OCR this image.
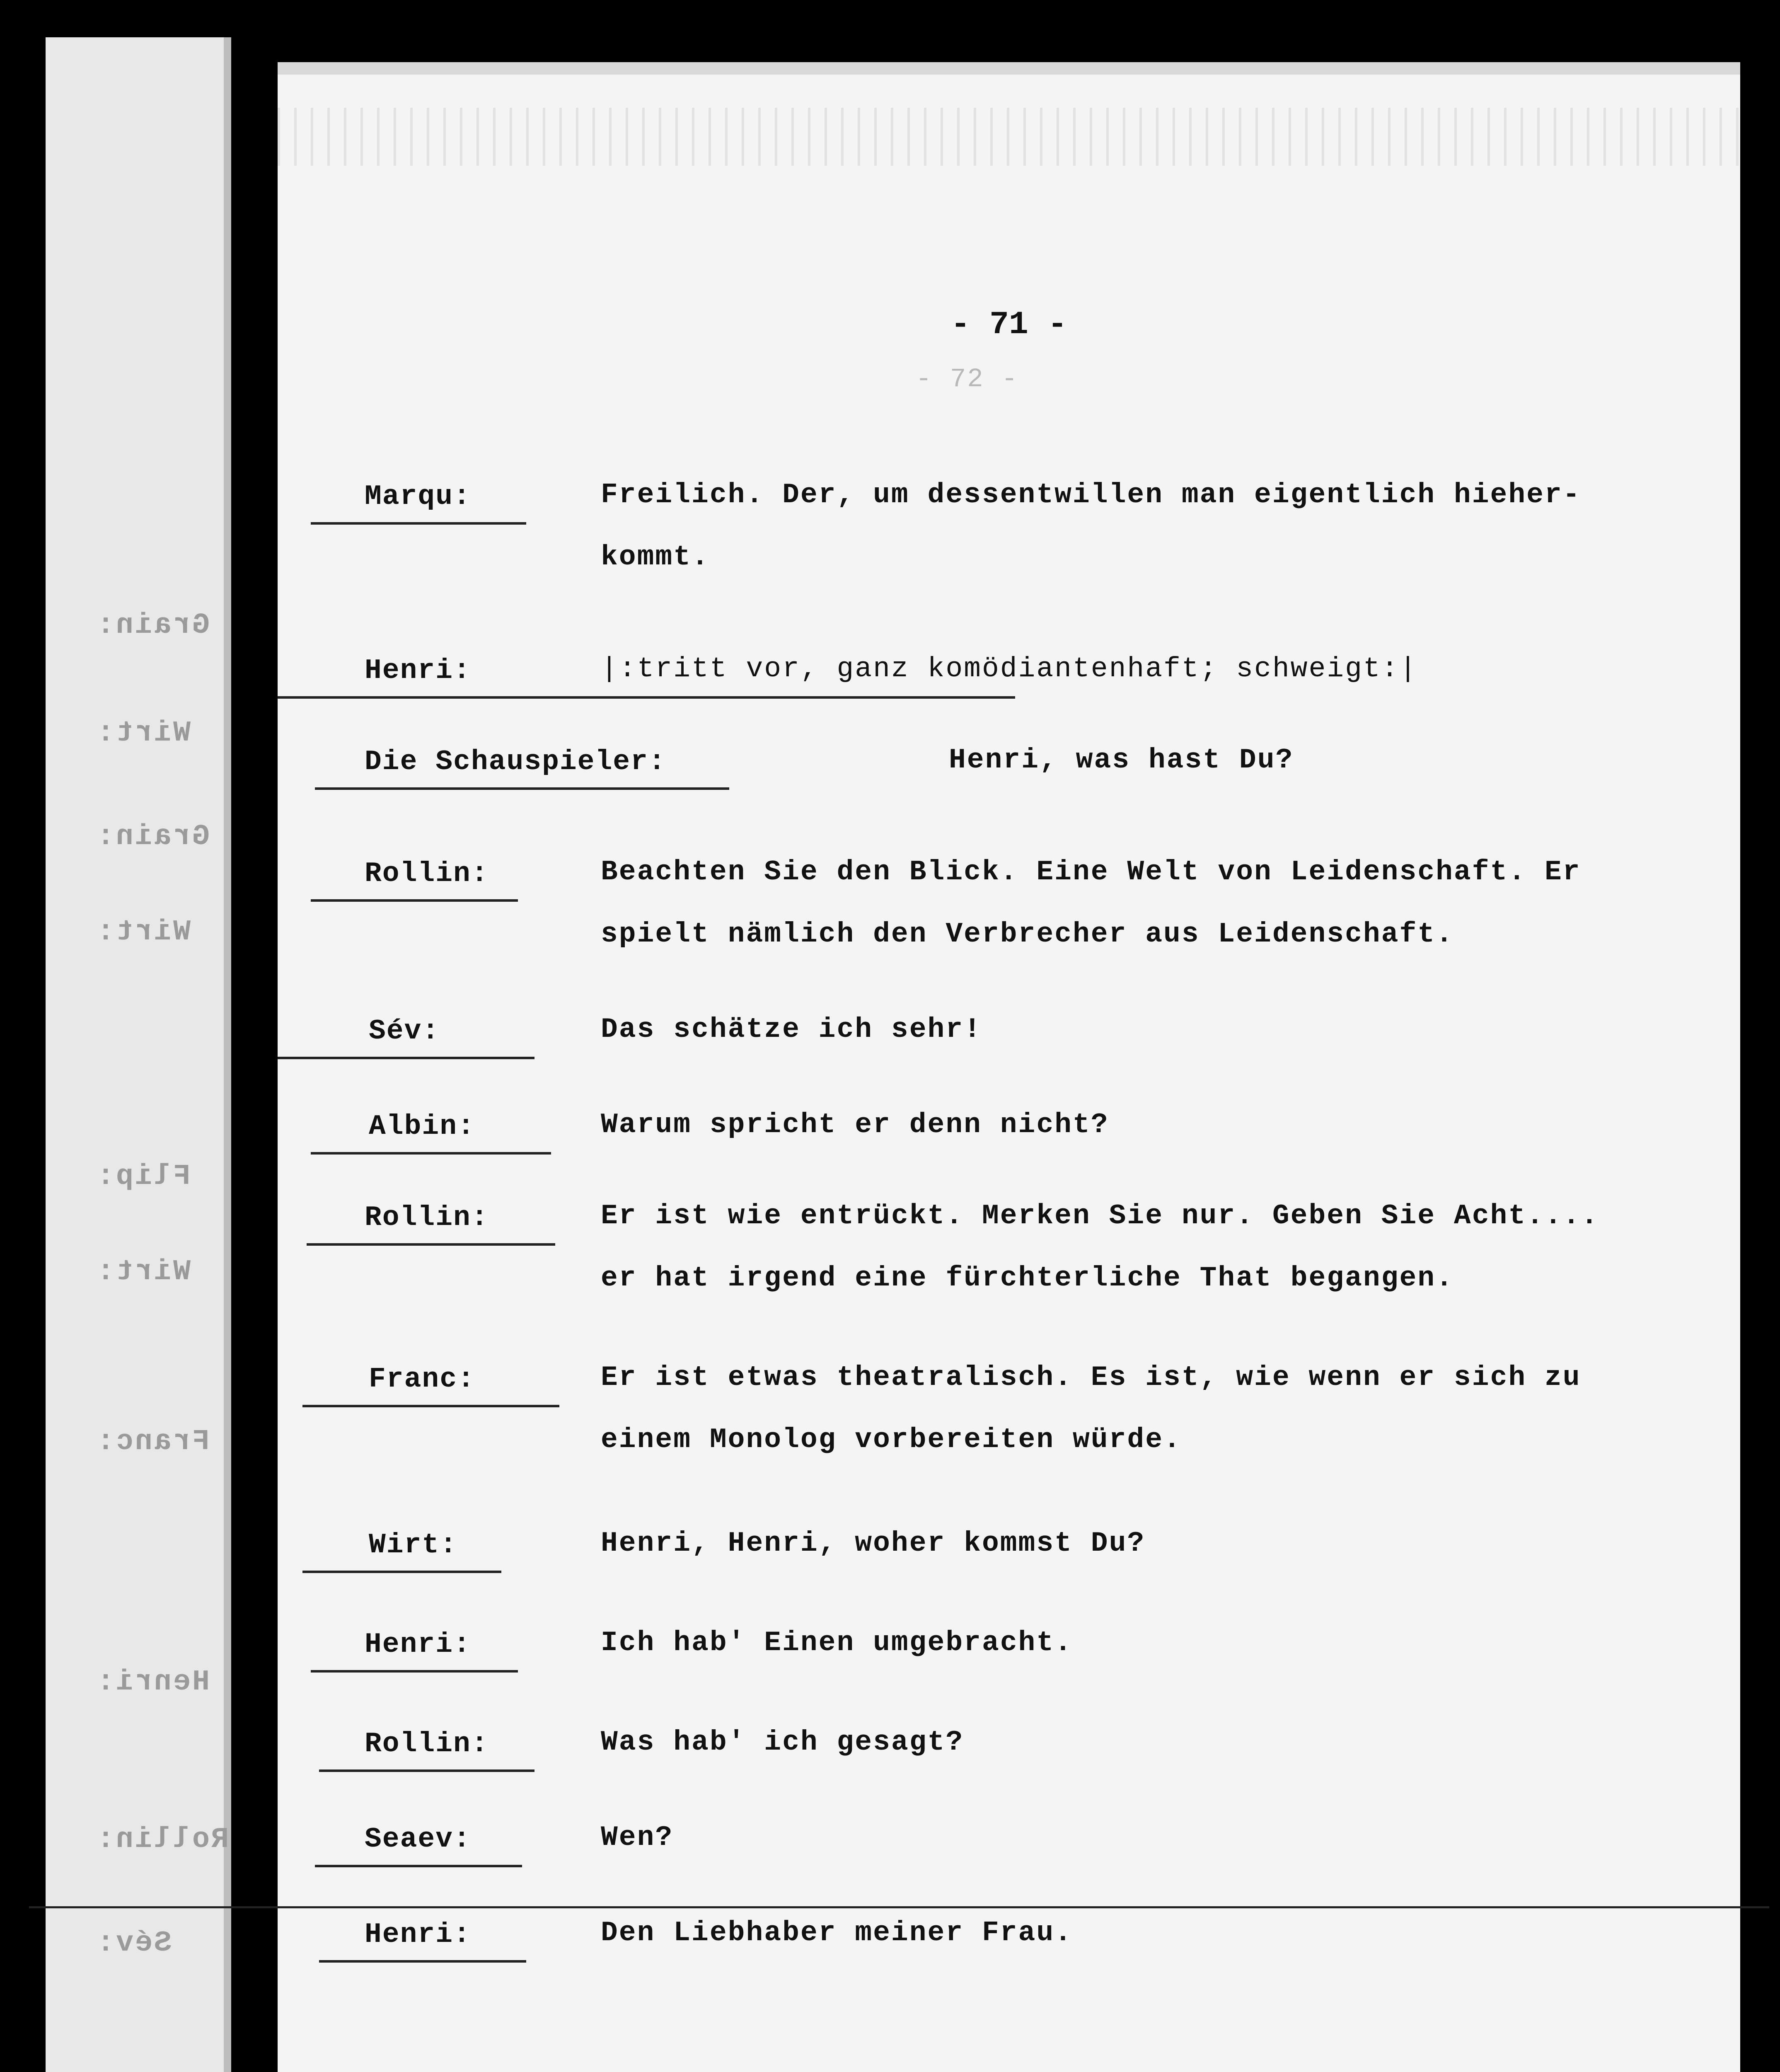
Grain:
Wirt:
Grain:
Wirt:
Flip:
Wirt:
Franc:
Henri:
Rollin:
Sév:
- 71 -
- 72 -
Marqu:	Freilich. Der, um dessentwillen man eigentlich hieher-
kommt.
Henri:	|:tritt vor, ganz komödiantenhaft; schweigt:|
Die Schauspieler:	Henri, was hast Du?
Rollin:	Beachten Sie den Blick. Eine Welt von Leidenschaft. Er
spielt nämlich den Verbrecher aus Leidenschaft.
Sév:	Das schätze ich sehr!
Albin:	Warum spricht er denn nicht?
Rollin:	Er ist wie entrückt. Merken Sie nur. Geben Sie Acht....
er hat irgend eine fürchterliche That begangen.
Franc:	Er ist etwas theatralisch. Es ist, wie wenn er sich zu
einem Monolog vorbereiten würde.
Wirt:	Henri, Henri, woher kommst Du?
Henri:	Ich hab' Einen umgebracht.
Rollin:	Was hab' ich gesagt?
Seaev:	Wen?
Henri:	Den Liebhaber meiner Frau.
